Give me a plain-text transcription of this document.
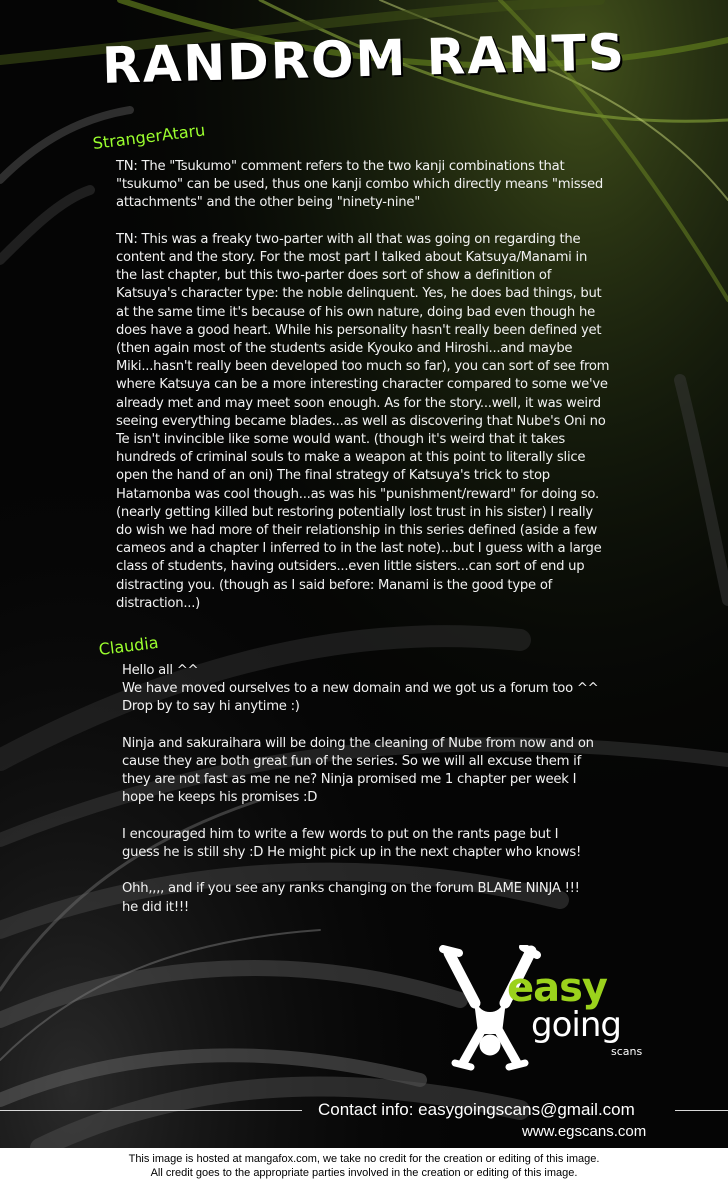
RANDROM RANTS
StrangerAtaru

TN: The "Tsukumo" comment refers to the two kanji combinations that
"tsukumo" can be used, thus one kanji combo which directly means "missed
attachments" and the other being "ninety-nine"

TN: This was a freaky two-parter with all that was going on regarding the
content and the story. For the most part I talked about Katsuya/Manami in
the last chapter, but this two-parter does sort of show a definition of
Katsuya's character type: the noble delinquent. Yes, he does bad things, but
at the same time it's because of his own nature, doing bad even though he
does have a good heart. While his personality hasn't really been defined yet
(then again most of the students aside Kyouko and Hiroshi...and maybe
Miki...hasn't really been developed too much so far), you can sort of see from
where Katsuya can be a more interesting character compared to some we've
already met and may meet soon enough. As for the story...well, it was weird
seeing everything became blades...as well as discovering that Nube's Oni no
Te isn't invincible like some would want. (though it's weird that it takes
hundreds of criminal souls to make a weapon at this point to literally slice
open the hand of an oni) The final strategy of Katsuya's trick to stop
Hatamonba was cool though...as was his "punishment/reward" for doing so.
(nearly getting killed but restoring potentially lost trust in his sister) I really
do wish we had more of their relationship in this series defined (aside a few
cameos and a chapter I inferred to in the last note)...but I guess with a large
class of students, having outsiders...even little sisters...can sort of end up
distracting you. (though as I said before: Manami is the good type of
distraction...)

Claudia

Hello all ^^
We have moved ourselves to a new domain and we got us a forum too ^^
Drop by to say hi anytime :)

Ninja and sakuraihara will be doing the cleaning of Nube from now and on
cause they are both great fun of the series. So we will all excuse them if
they are not fast as me ne ne? Ninja promised me 1 chapter per week I
hope he keeps his promises :D

I encouraged him to write a few words to put on the rants page but I
guess he is still shy :D He might pick up in the next chapter who knows!

Ohh,,,, and if you see any ranks changing on the forum BLAME NINJA !!!
he did it!!!

easy
going
scans
Contact info: easygoingscans@gmail.com
www.egscans.com
This image is hosted at mangafox.com, we take no credit for the creation or editing of this image.
All credit goes to the appropriate parties involved in the creation or editing of this image.
